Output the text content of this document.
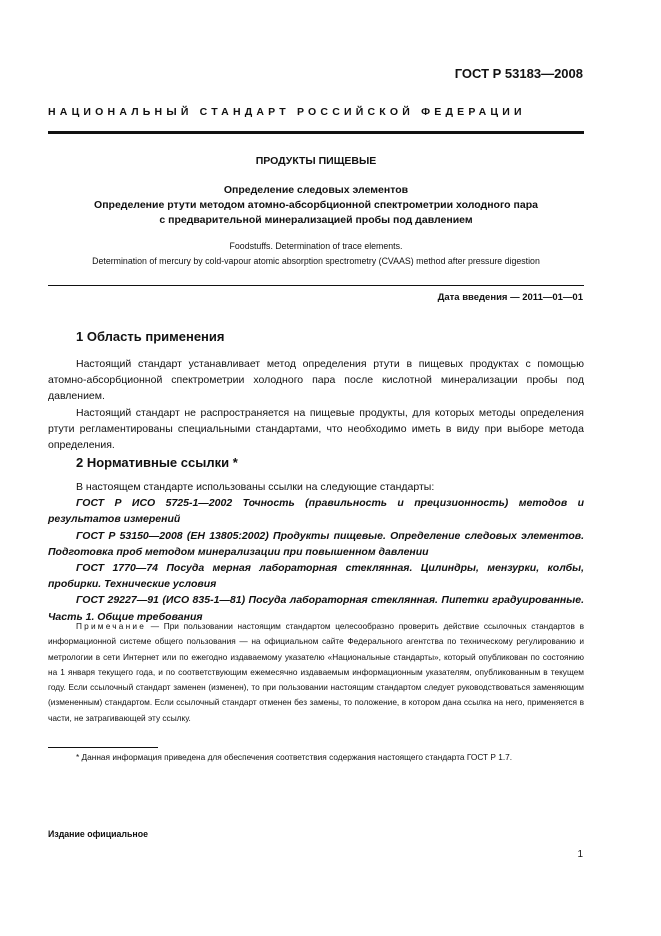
ГОСТ Р 53183—2008
НАЦИОНАЛЬНЫЙ СТАНДАРТ РОССИЙСКОЙ ФЕДЕРАЦИИ
ПРОДУКТЫ ПИЩЕВЫЕ
Определение следовых элементов
Определение ртути методом атомно-абсорбционной спектрометрии холодного пара
с предварительной минерализацией пробы под давлением
Foodstuffs. Determination of trace elements.
Determination of mercury by cold-vapour atomic absorption spectrometry (CVAAS) method after pressure digestion
Дата введения — 2011—01—01
1 Область применения

Настоящий стандарт устанавливает метод определения ртути в пищевых продуктах с помощью атомно-абсорбционной спектрометрии холодного пара после кислотной минерализации пробы под давлением.

Настоящий стандарт не распространяется на пищевые продукты, для которых методы определения ртути регламентированы специальными стандартами, что необходимо иметь в виду при выборе метода определения.

2 Нормативные ссылки *

В настоящем стандарте использованы ссылки на следующие стандарты:

ГОСТ Р ИСО 5725-1—2002 Точность (правильность и прецизионность) методов и результатов измерений

ГОСТ Р 53150—2008 (ЕН 13805:2002) Продукты пищевые. Определение следовых элементов. Подготовка проб методом минерализации при повышенном давлении

ГОСТ 1770—74 Посуда мерная лабораторная стеклянная. Цилиндры, мензурки, колбы, пробирки. Технические условия

ГОСТ 29227—91 (ИСО 835-1—81) Посуда лабораторная стеклянная. Пипетки градуированные. Часть 1. Общие требования

Примечание — При пользовании настоящим стандартом целесообразно проверить действие ссылочных стандартов в информационной системе общего пользования — на официальном сайте Федерального агентства по техническому регулированию и метрологии в сети Интернет или по ежегодно издаваемому указателю «Национальные стандарты», который опубликован по состоянию на 1 января текущего года, и по соответствующим ежемесячно издаваемым информационным указателям, опубликованным в текущем году. Если ссылочный стандарт заменен (изменен), то при пользовании настоящим стандартом следует руководствоваться заменяющим (измененным) стандартом. Если ссылочный стандарт отменен без замены, то положение, в котором дана ссылка на него, применяется в части, не затрагивающей эту ссылку.

* Данная информация приведена для обеспечения соответствия содержания настоящего стандарта ГОСТ Р 1.7.

Издание официальное
1
